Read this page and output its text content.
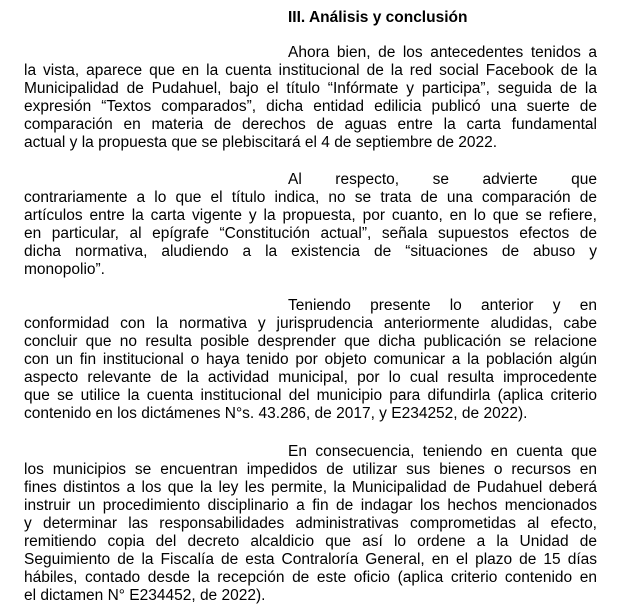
III. Análisis y conclusión

Ahora bien, de los antecedentes tenidos a
la vista, aparece que en la cuenta institucional de la red social Facebook de la
Municipalidad de Pudahuel, bajo el título “Infórmate y participa”, seguida de la
expresión “Textos comparados”, dicha entidad edilicia publicó una suerte de
comparación en materia de derechos de aguas entre la carta fundamental
actual y la propuesta que se plebiscitará el 4 de septiembre de 2022.

Al respecto, se advierte que
contrariamente a lo que el título indica, no se trata de una comparación de
artículos entre la carta vigente y la propuesta, por cuanto, en lo que se refiere,
en particular, al epígrafe “Constitución actual”, señala supuestos efectos de
dicha normativa, aludiendo a la existencia de “situaciones de abuso y
monopolio”.

Teniendo presente lo anterior y en
conformidad con la normativa y jurisprudencia anteriormente aludidas, cabe
concluir que no resulta posible desprender que dicha publicación se relacione
con un fin institucional o haya tenido por objeto comunicar a la población algún
aspecto relevante de la actividad municipal, por lo cual resulta improcedente
que se utilice la cuenta institucional del municipio para difundirla (aplica criterio
contenido en los dictámenes N°s. 43.286, de 2017, y E234252, de 2022).

En consecuencia, teniendo en cuenta que
los municipios se encuentran impedidos de utilizar sus bienes o recursos en
fines distintos a los que la ley les permite, la Municipalidad de Pudahuel deberá
instruir un procedimiento disciplinario a fin de indagar los hechos mencionados
y determinar las responsabilidades administrativas comprometidas al efecto,
remitiendo copia del decreto alcaldicio que así lo ordene a la Unidad de
Seguimiento de la Fiscalía de esta Contraloría General, en el plazo de 15 días
hábiles, contado desde la recepción de este oficio (aplica criterio contenido en
el dictamen N° E234452, de 2022).
